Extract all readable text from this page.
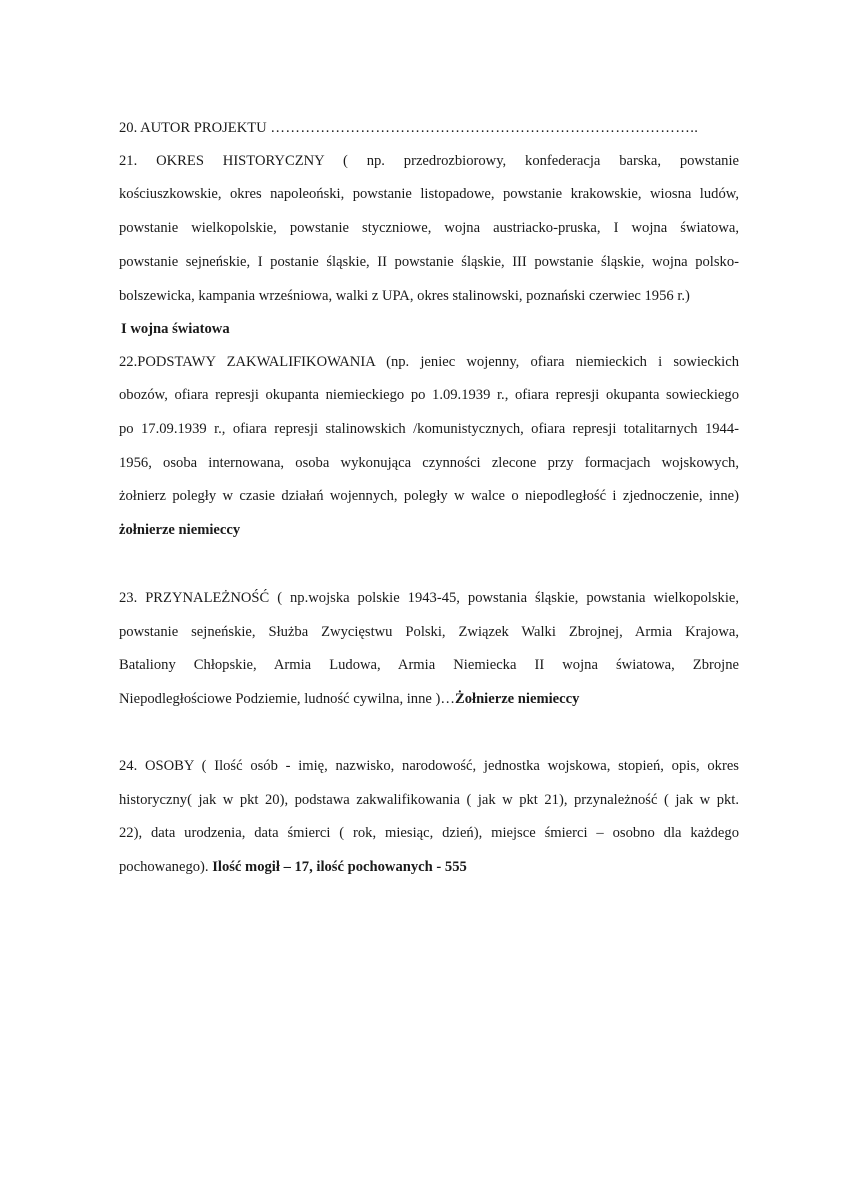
20. AUTOR PROJEKTU …………………………………………………………………………..
21. OKRES HISTORYCZNY ( np. przedrozbiorowy, konfederacja barska, powstanie
kościuszkowskie, okres napoleoński, powstanie listopadowe, powstanie krakowskie, wiosna ludów,
powstanie wielkopolskie, powstanie styczniowe, wojna austriacko-pruska, I wojna światowa,
powstanie sejneńskie, I postanie śląskie, II powstanie śląskie, III powstanie śląskie, wojna polsko-
bolszewicka, kampania wrześniowa, walki z UPA, okres stalinowski, poznański czerwiec 1956 r.)
I wojna światowa
22.PODSTAWY ZAKWALIFIKOWANIA (np. jeniec wojenny, ofiara niemieckich i sowieckich
obozów, ofiara represji okupanta niemieckiego po 1.09.1939 r., ofiara represji okupanta sowieckiego
po 17.09.1939 r., ofiara represji stalinowskich /komunistycznych, ofiara represji totalitarnych 1944-
1956, osoba internowana, osoba wykonująca czynności zlecone przy formacjach wojskowych,
żołnierz poległy w czasie działań wojennych, poległy w walce o niepodległość i zjednoczenie, inne)
żołnierze niemieccy
23. PRZYNALEŻNOŚĆ ( np.wojska polskie 1943-45, powstania śląskie, powstania wielkopolskie,
powstanie sejneńskie, Służba Zwycięstwu Polski, Związek Walki Zbrojnej, Armia Krajowa,
Bataliony Chłopskie, Armia Ludowa, Armia Niemiecka II wojna światowa, Zbrojne
Niepodległościowe Podziemie, ludność cywilna, inne )…Żołnierze niemieccy
24. OSOBY ( Ilość osób - imię, nazwisko, narodowość, jednostka wojskowa, stopień, opis, okres
historyczny( jak w pkt 20), podstawa zakwalifikowania ( jak w pkt 21), przynależność ( jak w pkt.
22), data urodzenia, data śmierci ( rok, miesiąc, dzień), miejsce śmierci – osobno dla każdego
pochowanego). Ilość mogił – 17, ilość pochowanych - 555
